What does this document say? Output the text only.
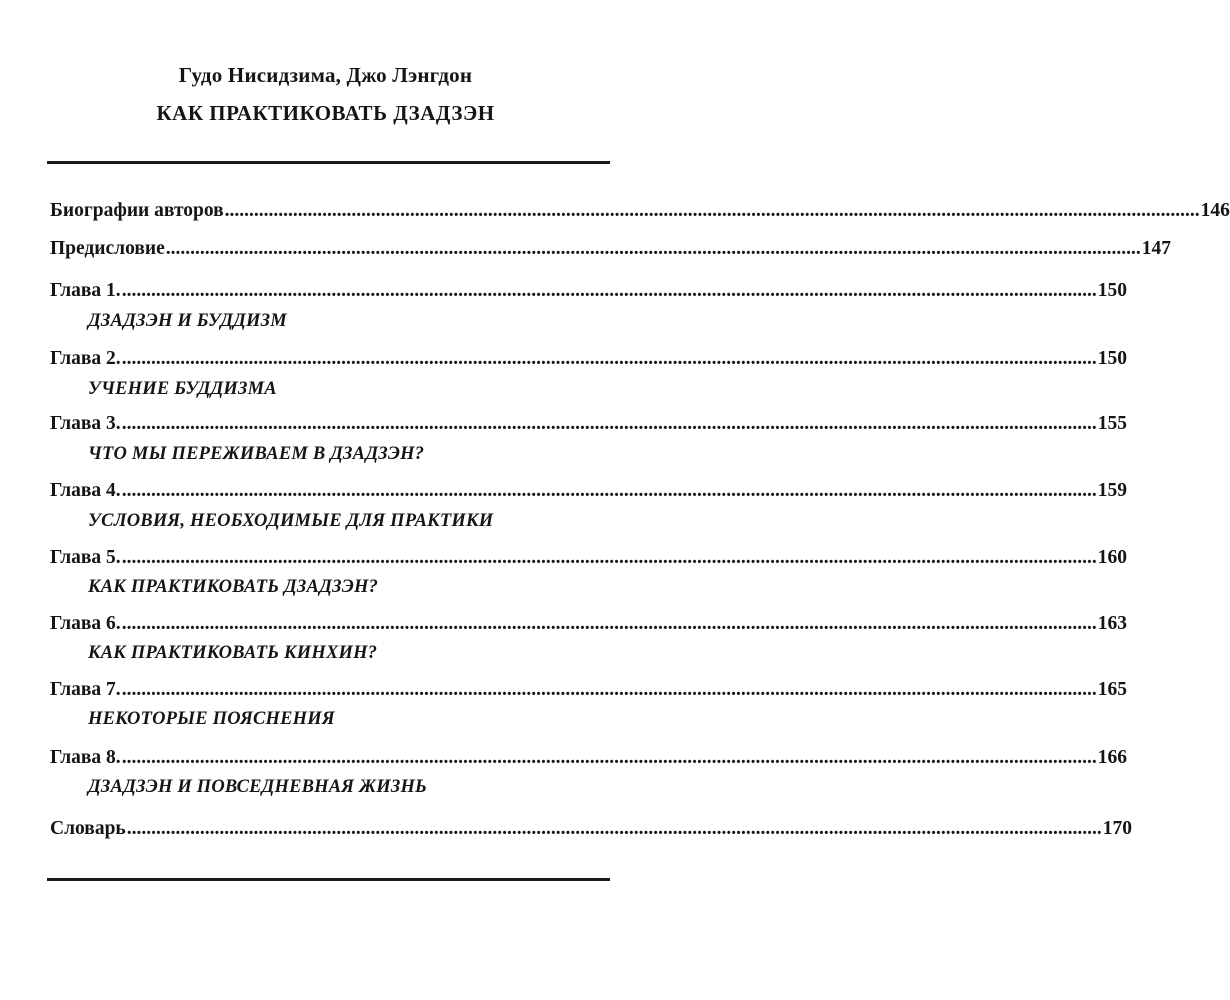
Гудо Нисидзима, Джо Лэнгдон
КАК ПРАКТИКОВАТЬ ДЗАДЗЭН
Биографии авторов ........................................................................................................................................................................................................ 146
Предисловие ........................................................................................................................................................................................................ 147
Глава 1. ........................................................................................................................................................................................................ 150
ДЗАДЗЭН И БУДДИЗМ
Глава 2. ........................................................................................................................................................................................................ 150
УЧЕНИЕ БУДДИЗМА
Глава 3. ........................................................................................................................................................................................................ 155
ЧТО МЫ ПЕРЕЖИВАЕМ В ДЗАДЗЭН?
Глава 4. ........................................................................................................................................................................................................ 159
УСЛОВИЯ, НЕОБХОДИМЫЕ ДЛЯ ПРАКТИКИ
Глава 5. ........................................................................................................................................................................................................ 160
КАК ПРАКТИКОВАТЬ ДЗАДЗЭН?
Глава 6. ........................................................................................................................................................................................................ 163
КАК ПРАКТИКОВАТЬ КИНХИН?
Глава 7. ........................................................................................................................................................................................................ 165
НЕКОТОРЫЕ ПОЯСНЕНИЯ
Глава 8. ........................................................................................................................................................................................................ 166
ДЗАДЗЭН И ПОВСЕДНЕВНАЯ ЖИЗНЬ
Словарь ........................................................................................................................................................................................................ 170
